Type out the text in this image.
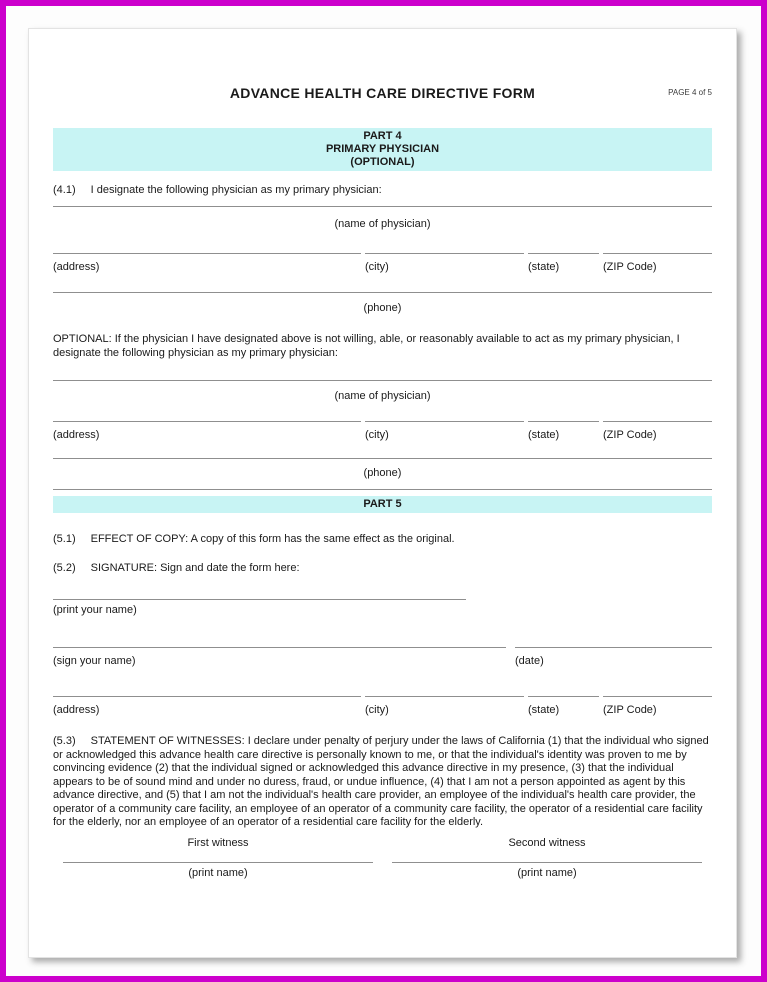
ADVANCE HEALTH CARE DIRECTIVE FORM	PAGE 4 of 5
PART 4
PRIMARY PHYSICIAN
(OPTIONAL)

(4.1) I designate the following physician as my primary physician:

(name of physician)
(address)	(city)	(state)	(ZIP Code)
(phone)

OPTIONAL: If the physician I have designated above is not willing, able, or reasonably available to act as my primary physician, I designate the following physician as my primary physician:

(name of physician)
(address)	(city)	(state)	(ZIP Code)
(phone)
PART 5

(5.1) EFFECT OF COPY: A copy of this form has the same effect as the original.

(5.2) SIGNATURE: Sign and date the form here:

(print your name)
(sign your name)	(date)
(address)	(city)	(state)	(ZIP Code)

(5.3) STATEMENT OF WITNESSES: I declare under penalty of perjury under the laws of California (1) that the individual who signed or acknowledged this advance health care directive is personally known to me, or that the individual's identity was proven to me by convincing evidence (2) that the individual signed or acknowledged this advance directive in my presence, (3) that the individual appears to be of sound mind and under no duress, fraud, or undue influence, (4) that I am not a person appointed as agent by this advance directive, and (5) that I am not the individual's health care provider, an employee of the individual's health care provider, the operator of a community care facility, an employee of an operator of a community care facility, the operator of a residential care facility for the elderly, nor an employee of an operator of a residential care facility for the elderly.

First witness
(print name)
Second witness
(print name)
